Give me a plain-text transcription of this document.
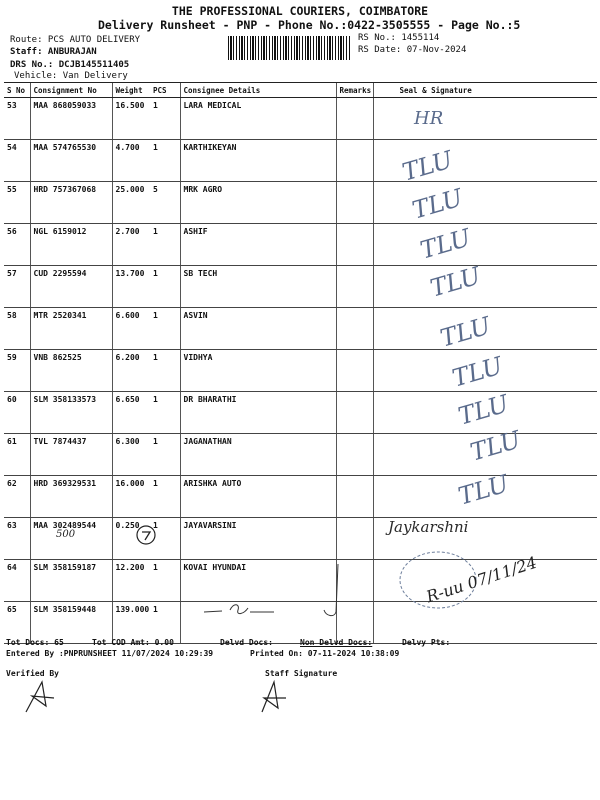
THE PROFESSIONAL COURIERS, COIMBATORE
Delivery Runsheet - PNP - Phone No.:0422-3505555 - Page No.:5
Route: PCS AUTO DELIVERY
Staff: ANBURAJAN
DRS No.: DCJB145511405
Vehicle: Van Delivery
RS No.: 1455114
RS Date: 07-Nov-2024
S No	Consignment No	Weight	PCS	Consignee Details	Remarks	Seal & Signature
53	MAA 868059033	16.500	1	LARA MEDICAL		
54	MAA 574765530	4.700	1	KARTHIKEYAN		
55	HRD 757367068	25.000	5	MRK AGRO		
56	NGL 6159012	2.700	1	ASHIF		
57	CUD 2295594	13.700	1	SB TECH		
58	MTR 2520341	6.600	1	ASVIN		
59	VNB 862525	6.200	1	VIDHYA		
60	SLM 358133573	6.650	1	DR BHARATHI		
61	TVL 7874437	6.300	1	JAGANATHAN		
62	HRD 369329531	16.000	1	ARISHKA AUTO		
63	MAA 302489544	0.250	1	JAYAVARSINI		
64	SLM 358159187	12.200	1	KOVAI HYUNDAI		
65	SLM 358159448	139.000	1			
HR
TLU
TLU
TLU
TLU
TLU
TLU
TLU
TLU
TLU
Jaykarshni
500
R-uu 07/11/24
Tot Docs: 65	Tot COD Amt: 0.00	Delvd Docs:	Non Delvd Docs:	Delvy Pts:
Entered By :PNPRUNSHEET 11/07/2024 10:29:39	Printed On: 07-11-2024 10:38:09
Verified By	Staff Signature
